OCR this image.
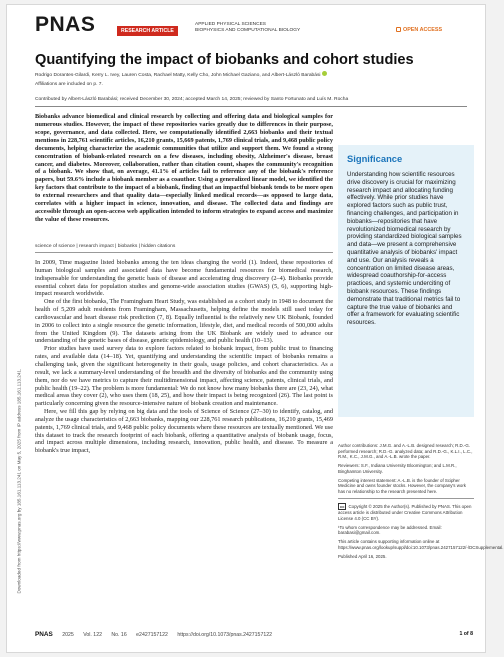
PNAS	RESEARCH ARTICLE
APPLIED PHYSICAL SCIENCES
BIOPHYSICS AND COMPUTATIONAL BIOLOGY	OPEN ACCESS
Quantifying the impact of biobanks and cohort studies
Rodrigo Dorantes-Gilardi, Kerry L. Ivey, Lauren Costa, Rachael Matty, Kelly Cho, John Michael Gaziano, and Albert-László Barabási
Affiliations are included on p. 7.
Contributed by Albert-László Barabási; received December 30, 2024; accepted March 14, 2025; reviewed by Santo Fortunato and Luís M. Rocha
Biobanks advance biomedical and clinical research by collecting and offering data and biological samples for numerous studies. However, the impact of these repositories varies greatly due to differences in their purpose, scope, governance, and data collected. Here, we computationally identified 2,663 biobanks and their textual mentions in 228,761 scientific articles, 16,210 grants, 15,669 patents, 1,769 clinical trials, and 9,468 public policy documents, helping characterize the academic communities that utilize and support them. We found a strong concentration of biobank-related research on a few diseases, including obesity, Alzheimer's disease, breast cancer, and diabetes. Moreover, collaboration, rather than citation count, shapes the community's recognition of a biobank. We show that, on average, 41.1% of articles fail to reference any of the biobank's reference papers, but 59.6% include a biobank member as a coauthor. Using a generalized linear model, we identified the key factors that contribute to the impact of a biobank, finding that an impactful biobank tends to be more open to external researchers and that quality data—especially linked medical records—as opposed to large data, correlates with a higher impact in science, innovation, and disease. The collected data and findings are accessible through an open-access web application intended to inform strategies to expand access and maximize the value of these resources.
science of science | research impact | biobanks | hidden citations

In 2009, Time magazine listed biobanks among the ten ideas changing the world (1). Indeed, these repositories of human biological samples and associated data have become fundamental resources for biomedical research, indispensable for understanding the genetic basis of disease and accelerating drug discovery (2–4). Biobanks provide essential cohort data for population studies and genome-wide association studies (GWAS) (5, 6), supporting high-impact research worldwide.

One of the first biobanks, The Framingham Heart Study, was established as a cohort study in 1948 to document the health of 5,209 adult residents from Framingham, Massachusetts, helping define the models still used today for cardiovascular and heart disease risk prediction (7, 8). Equally influential is the relatively new UK Biobank, founded in 2006 to collect into a single resource the genetic information, lifestyle, diet, and medical records of 500,000 adults from the United Kingdom (9). The datasets arising from the UK Biobank are widely used to advance our understanding of the genetic bases of disease, genetic epidemiology, and public health (10–13).

Prior studies have used survey data to explore factors related to biobank impact, from public trust to financing rates, and available data (14–18). Yet, quantifying and understanding the scientific impact of biobanks remains a challenging task, given the significant heterogeneity in their goals, usage policies, and cohort characteristics. As a result, we lack a summary-level understanding of the breadth and the diversity of biobanks and the community using them, nor do we have metrics to capture their multidimensional impact, affecting science, patents, clinical trials, and public health (19–22). The problem is more fundamental: We do not know how many biobanks there are (23, 24), what medical areas they cover (2), who uses them (18, 25), and how their impact is being recognized (26). The last point is particularly concerning given the resource-intensive nature of biobank creation and maintenance.

Here, we fill this gap by relying on big data and the tools of Science of Science (27–30) to identify, catalog, and analyze the usage characteristics of 2,663 biobanks, mapping our 228,761 research publications, 16,210 grants, 15,469 patents, 1,769 clinical trials, and 9,468 public policy documents where these resources are textually mentioned. We use this dataset to track the research footprint of each biobank, offering a quantitative analysis of biobank usage, focus, and impact across multiple dimensions, including research, innovation, public health, and disease. To measure a biobank's true impact,

Significance
Understanding how scientific resources drive discovery is crucial for maximizing research impact and allocating funding effectively. While prior studies have explored factors such as public trust, financing challenges, and participation in biobanks—repositories that have revolutionized biomedical research by providing standardized biological samples and data—we present a comprehensive quantitative analysis of biobanks' impact and use. Our analysis reveals a concentration on limited disease areas, widespread coauthorship-for-access practices, and systemic underciting of biobank resources. These findings demonstrate that traditional metrics fail to capture the true value of biobanks and offer a framework for evaluating scientific resources.
Author contributions: J.M.G. and A.-L.B. designed research; R.D.-G. performed research; R.D.-G. analyzed data; and R.D.-G., K.L.I., L.C., R.M., K.C., J.M.G., and A.-L.B. wrote the paper.
Reviewers: S.F., Indiana University Bloomington; and L.M.R., Binghamton University.
Competing interest statement: A.-L.B. is the founder of Scipher Medicine and owns founder stocks. However, the company's work has no relationship to the research presented here.
cc Copyright © 2025 the Author(s). Published by PNAS. This open access article is distributed under Creative Commons Attribution License 4.0 (CC BY).
¹To whom correspondence may be addressed. Email: barabasi@gmail.com.
This article contains supporting information online at https://www.pnas.org/lookup/suppl/doi:10.1073/pnas.2427157122/-/DCSupplemental.
Published April 16, 2025.
Downloaded from https://www.pnas.org by 185.161.113.241 on May 5, 2025 from IP address 185.161.113.241.
PNAS 2025 Vol. 122 No. 16 e2427157122 https://doi.org/10.1073/pnas.2427157122	1 of 8
